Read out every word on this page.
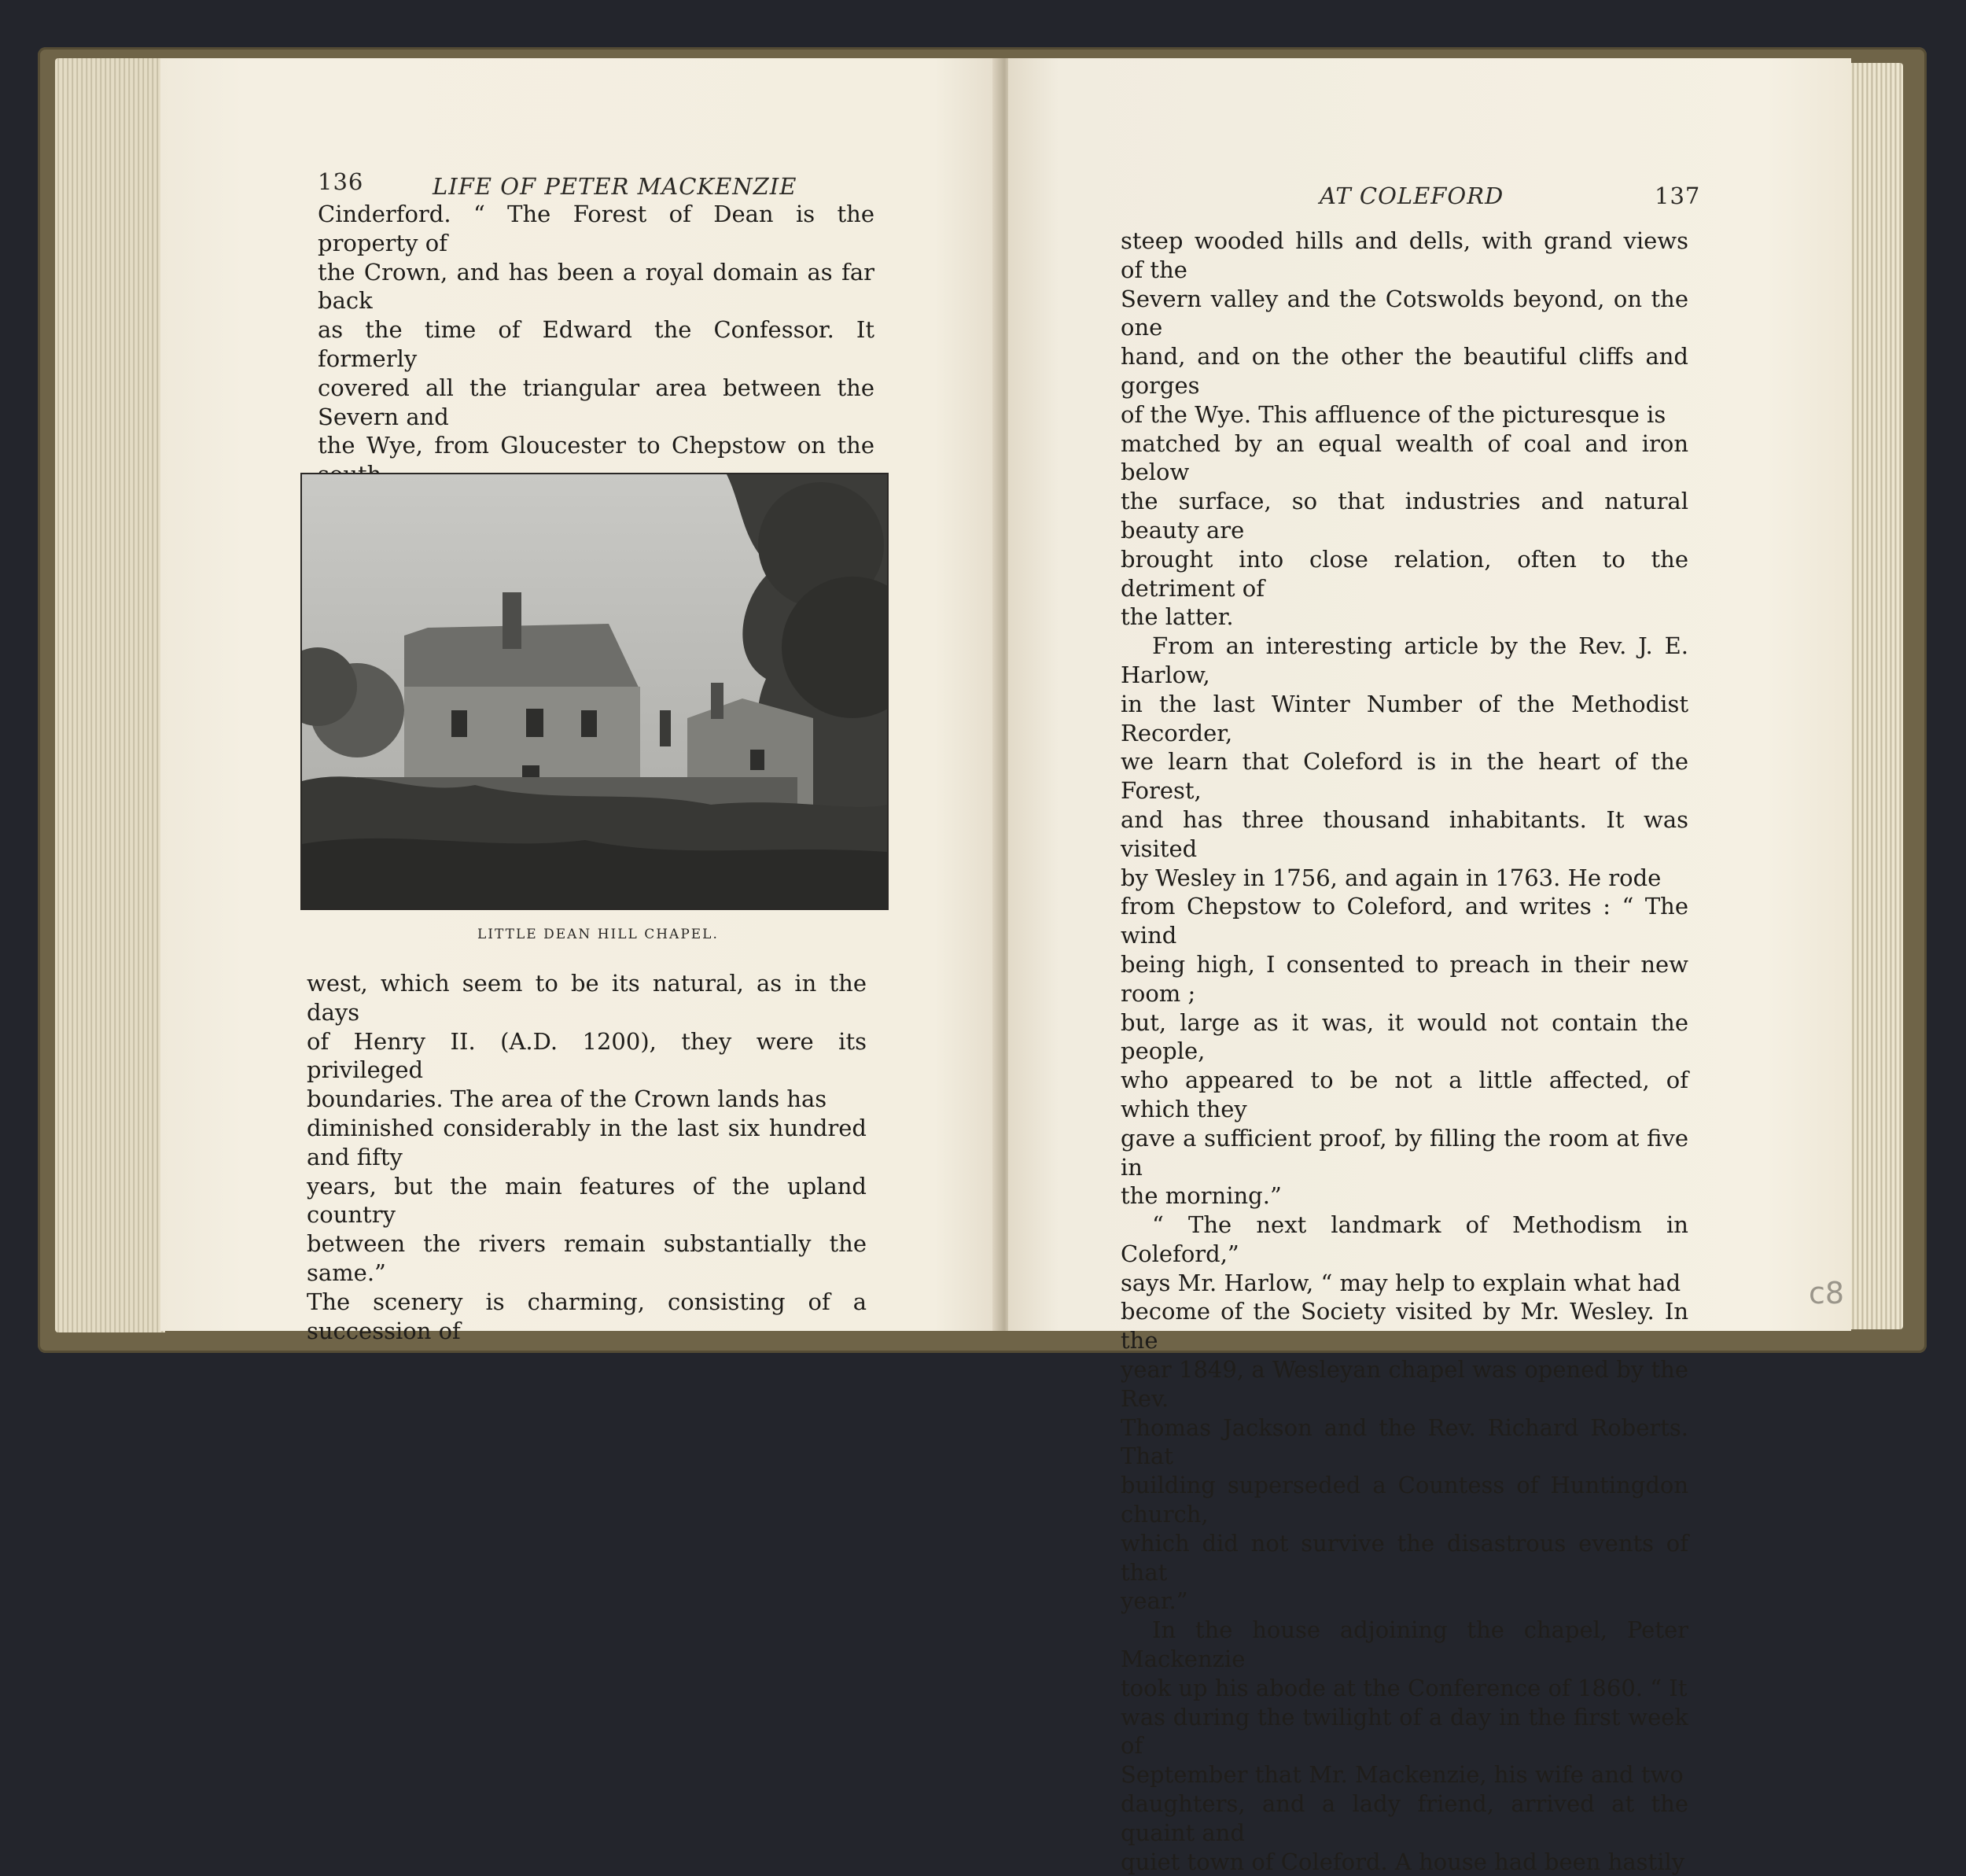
136	LIFE OF PETER MACKENZIE

Cinderford. “ The Forest of Dean is the property of

the Crown, and has been a royal domain as far back

as the time of Edward the Confessor. It formerly

covered all the triangular area between the Severn and

the Wye, from Gloucester to Chepstow on the

LITTLE DEAN HILL CHAPEL.

west, which seem to be its natural, as in the days

of Henry II. (A.D. 1200), they were its privileged

boundaries. The area of the Crown lands has

diminished considerably in the last six hundred and fifty

years, but the main features of the upland country

between the rivers remain substantially the same.”

The scenery is charming, consisting of a succession of

AT COLEFORD	137

steep wooded hills and dells, with grand views of the

Severn valley and the Cotswolds beyond, on the one

hand, and on the other the beautiful cliffs and gorges

of the Wye. This affluence of the picturesque is

matched by an equal wealth of coal and iron below

the surface, so that industries and natural beauty are

brought into close relation, often to the detriment of

the latter.

From an interesting article by the Rev. J. E. Harlow,

in the last Winter Number of the Methodist Recorder,

we learn that Coleford is in the heart of the Forest,

and has three thousand inhabitants. It was visited

by Wesley in 1756, and again in 1763. He rode

from Chepstow to Coleford, and writes : “ The wind

being high, I consented to preach in their new room ;

but, large as it was, it would not contain the people,

who appeared to be not a little affected, of which they

gave a sufficient proof, by filling the room at five in

the morning.”

“ The next landmark of Methodism in Coleford,”

says Mr. Harlow, “ may help to explain what had

become of the Society visited by Mr. Wesley. In the

year 1849, a Wesleyan chapel was opened by the Rev.

Thomas Jackson and the Rev. Richard Roberts. That

building superseded a Countess of Huntingdon church,

which did not survive the disastrous events of that

year.”

In the house adjoining the chapel, Peter Mackenzie

took up his abode at the Conference of 1860. “ It

was during the twilight of a day in the first week of

September that Mr. Mackenzie, his wife and two

daughters, and a lady friend, arrived at the quaint and

quiet town of Coleford. A house had been hastily

c8
